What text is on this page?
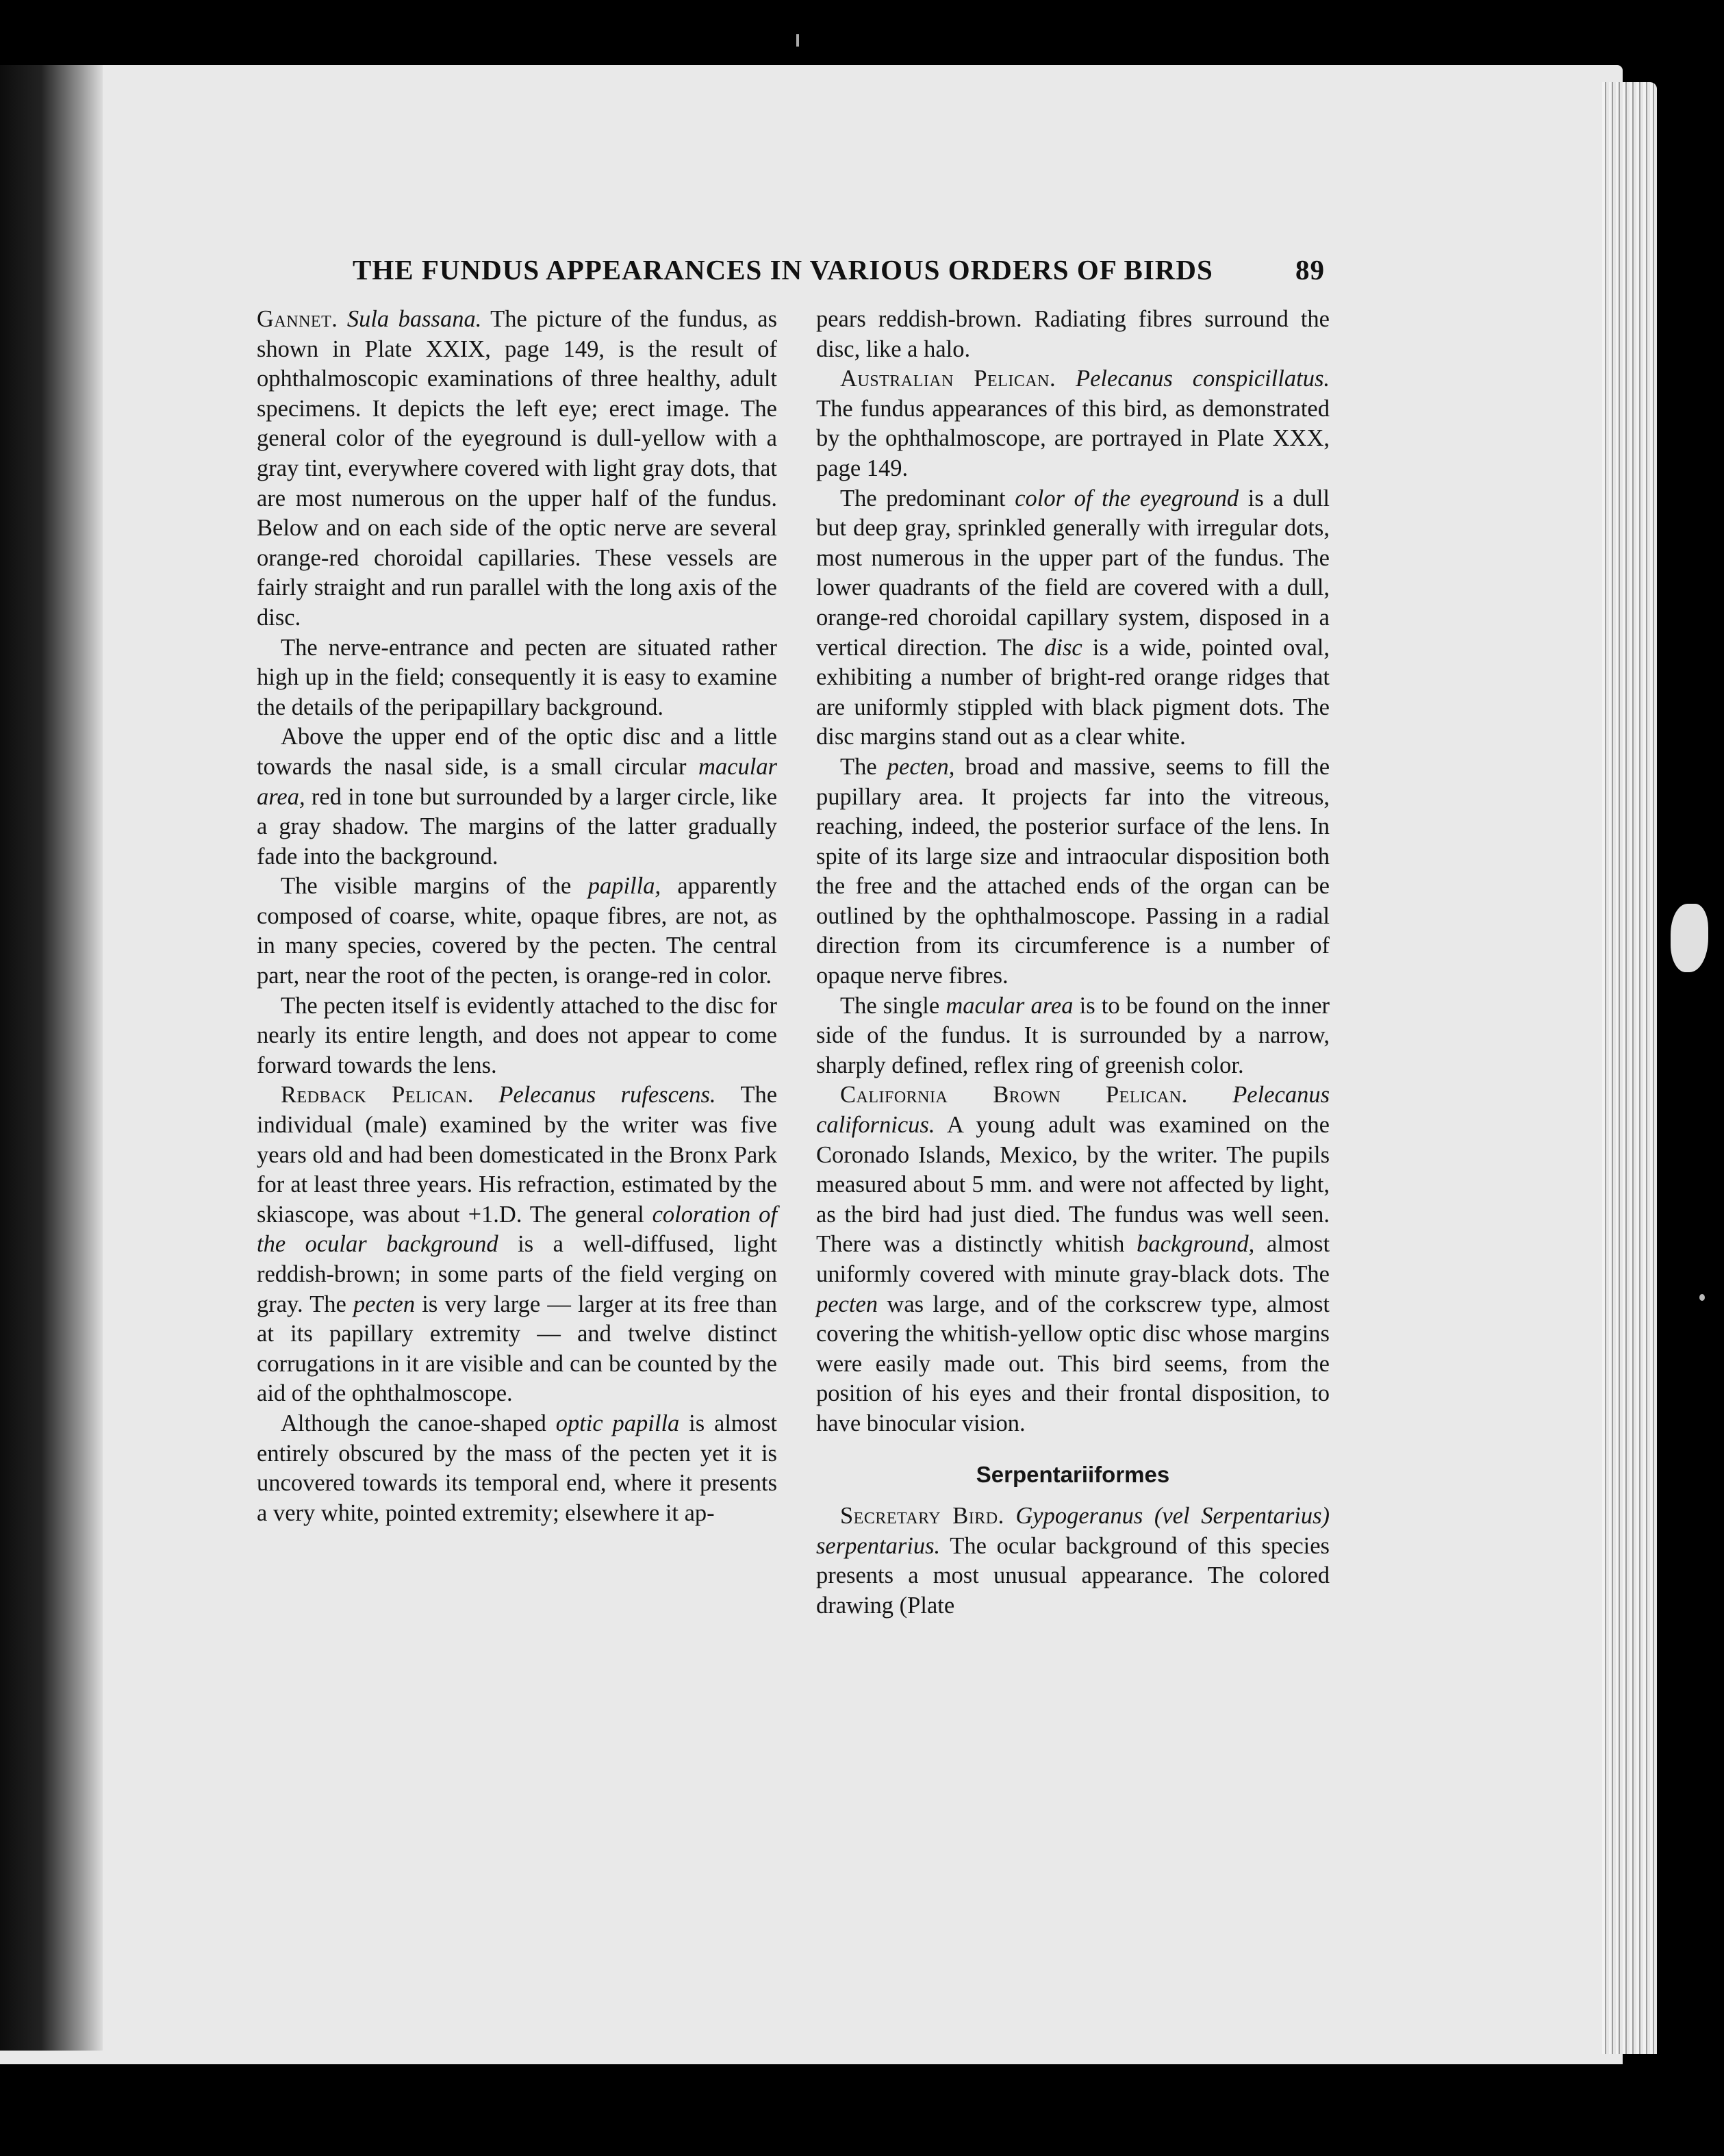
THE FUNDUS APPEARANCES IN VARIOUS ORDERS OF BIRDS	89

Gannet. Sula bassana. The picture of the fundus, as shown in Plate XXIX, page 149, is the result of ophthalmoscopic examinations of three healthy, adult specimens. It depicts the left eye; erect image. The general color of the eyeground is dull-yellow with a gray tint, everywhere covered with light gray dots, that are most numerous on the upper half of the fundus. Below and on each side of the optic nerve are several orange-red choroidal capillaries. These vessels are fairly straight and run parallel with the long axis of the disc.

The nerve-entrance and pecten are situated rather high up in the field; consequently it is easy to examine the details of the peripapillary background.

Above the upper end of the optic disc and a little towards the nasal side, is a small circular macular area, red in tone but surrounded by a larger circle, like a gray shadow. The margins of the latter gradually fade into the background.

The visible margins of the papilla, apparently composed of coarse, white, opaque fibres, are not, as in many species, covered by the pecten. The central part, near the root of the pecten, is orange-red in color.

The pecten itself is evidently attached to the disc for nearly its entire length, and does not appear to come forward towards the lens.

Redback Pelican. Pelecanus rufescens. The individual (male) examined by the writer was five years old and had been domesticated in the Bronx Park for at least three years. His refraction, estimated by the skiascope, was about +1.D. The general coloration of the ocular background is a well-diffused, light reddish-brown; in some parts of the field verging on gray. The pecten is very large — larger at its free than at its papillary extremity — and twelve distinct corrugations in it are visible and can be counted by the aid of the ophthalmoscope.

Although the canoe-shaped optic papilla is almost entirely obscured by the mass of the pecten yet it is uncovered towards its temporal end, where it presents a very white, pointed extremity; elsewhere it ap-

pears reddish-brown. Radiating fibres surround the disc, like a halo.

Australian Pelican. Pelecanus conspicillatus. The fundus appearances of this bird, as demonstrated by the ophthalmoscope, are portrayed in Plate XXX, page 149.

The predominant color of the eyeground is a dull but deep gray, sprinkled generally with irregular dots, most numerous in the upper part of the fundus. The lower quadrants of the field are covered with a dull, orange-red choroidal capillary system, disposed in a vertical direction. The disc is a wide, pointed oval, exhibiting a number of bright-red orange ridges that are uniformly stippled with black pigment dots. The disc margins stand out as a clear white.

The pecten, broad and massive, seems to fill the pupillary area. It projects far into the vitreous, reaching, indeed, the posterior surface of the lens. In spite of its large size and intraocular disposition both the free and the attached ends of the organ can be outlined by the ophthalmoscope. Passing in a radial direction from its circumference is a number of opaque nerve fibres.

The single macular area is to be found on the inner side of the fundus. It is surrounded by a narrow, sharply defined, reflex ring of greenish color.

California Brown Pelican. Pelecanus californicus. A young adult was examined on the Coronado Islands, Mexico, by the writer. The pupils measured about 5 mm. and were not affected by light, as the bird had just died. The fundus was well seen. There was a distinctly whitish background, almost uniformly covered with minute gray-black dots. The pecten was large, and of the corkscrew type, almost covering the whitish-yellow optic disc whose margins were easily made out. This bird seems, from the position of his eyes and their frontal disposition, to have binocular vision.

Serpentariiformes

Secretary Bird. Gypogeranus (vel Serpentarius) serpentarius. The ocular background of this species presents a most unusual appearance. The colored drawing (Plate
